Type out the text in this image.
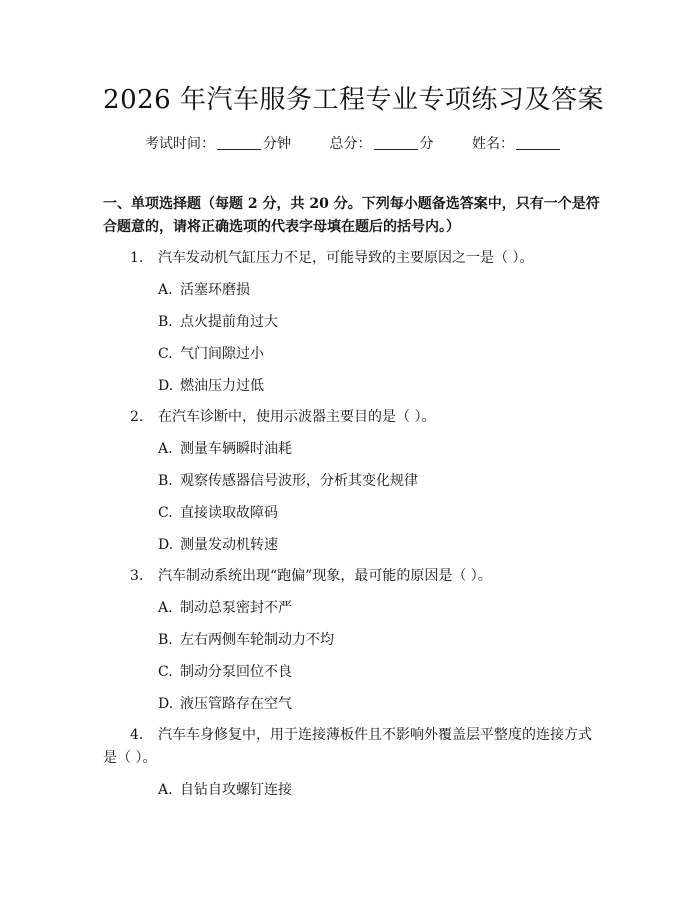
2026 年汽车服务工程专业专项练习及答案
考试时间：	分钟	总分：	分	姓名：
一、单项选择题（每题 2 分，共 20 分。下列每小题备选答案中，只有一个是符合题意的，请将正确选项的代表字母填在题后的括号内。）
1. 汽车发动机气缸压力不足，可能导致的主要原因之一是（ ）。
A. 活塞环磨损
B. 点火提前角过大
C. 气门间隙过小
D. 燃油压力过低
2. 在汽车诊断中，使用示波器主要目的是（ ）。
A. 测量车辆瞬时油耗
B. 观察传感器信号波形，分析其变化规律
C. 直接读取故障码
D. 测量发动机转速
3. 汽车制动系统出现“跑偏”现象，最可能的原因是（ ）。
A. 制动总泵密封不严
B. 左右两侧车轮制动力不均
C. 制动分泵回位不良
D. 液压管路存在空气
4. 汽车车身修复中，用于连接薄板件且不影响外覆盖层平整度的连接方式是（ ）。
A. 自钻自攻螺钉连接
